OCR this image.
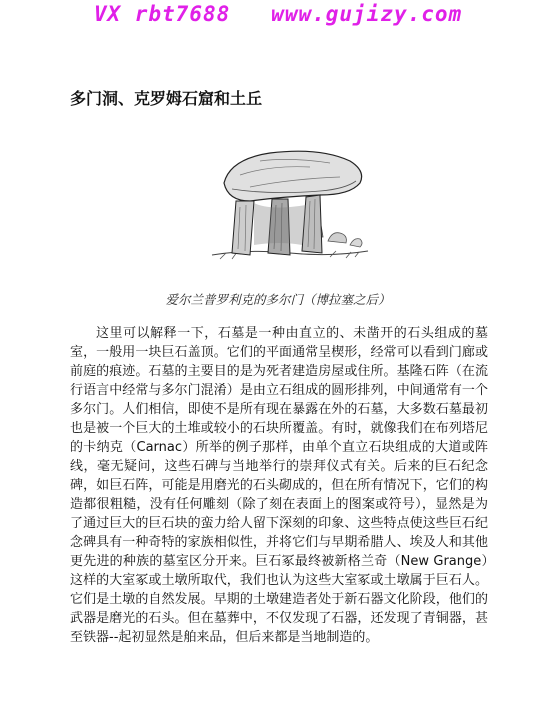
VX rbt7688   www.gujizy.com
多门洞、克罗姆石窟和土丘
爱尔兰普罗利克的多尔门（博拉塞之后）
这里可以解释一下，石墓是一种由直立的、未凿开的石头组成的墓室，一般用一块巨石盖顶。它们的平面通常呈楔形，经常可以看到门廊或前庭的痕迹。石墓的主要目的是为死者建造房屋或住所。基隆石阵（在流行语言中经常与多尔门混淆）是由立石组成的圆形排列，中间通常有一个多尔门。人们相信，即使不是所有现在暴露在外的石墓，大多数石墓最初也是被一个巨大的土堆或较小的石块所覆盖。有时，就像我们在布列塔尼的卡纳克（Carnac）所举的例子那样，由单个直立石块组成的大道或阵线，毫无疑问，这些石碑与当地举行的崇拜仪式有关。后来的巨石纪念碑，如巨石阵，可能是用磨光的石头砌成的，但在所有情况下，它们的构造都很粗糙，没有任何雕刻（除了刻在表面上的图案或符号），显然是为了通过巨大的巨石块的蛮力给人留下深刻的印象、这些特点使这些巨石纪念碑具有一种奇特的家族相似性，并将它们与早期希腊人、埃及人和其他更先进的种族的墓室区分开来。巨石冢最终被新格兰奇（New Grange）这样的大室冢或土墩所取代，我们也认为这些大室冢或土墩属于巨石人。它们是土墩的自然发展。早期的土墩建造者处于新石器文化阶段，他们的武器是磨光的石头。但在墓葬中，不仅发现了石器，还发现了青铜器，甚至铁器--起初显然是舶来品，但后来都是当地制造的。
